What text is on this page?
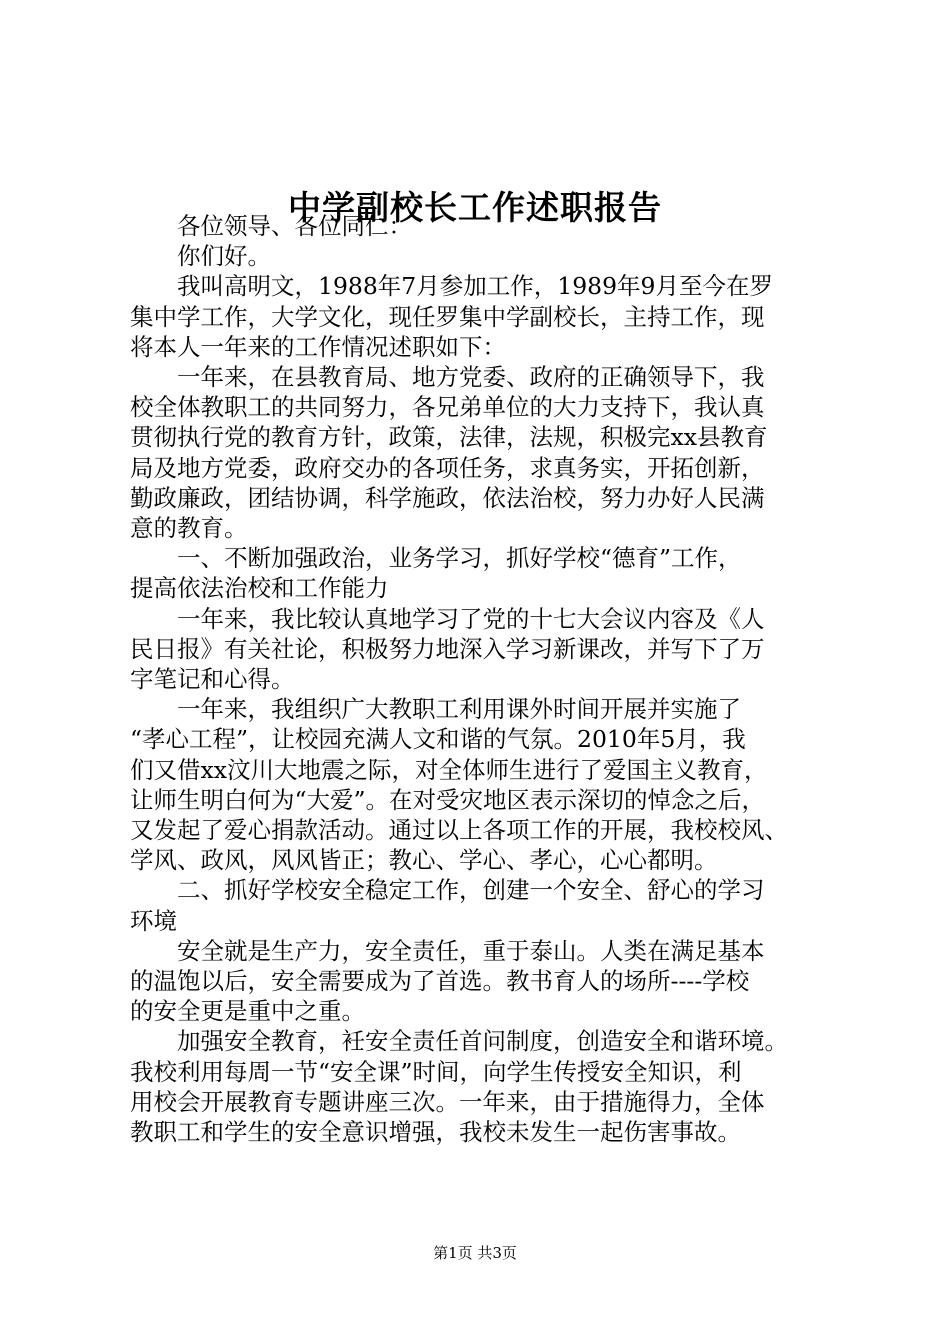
中学副校长工作述职报告

各位领导、各位同仁：

你们好。

我叫高明文，1988年7月参加工作，1989年9月至今在罗
集中学工作，大学文化，现任罗集中学副校长，主持工作，现
将本人一年来的工作情况述职如下：

一年来，在县教育局、地方党委、政府的正确领导下，我
校全体教职工的共同努力，各兄弟单位的大力支持下，我认真
贯彻执行党的教育方针，政策，法律，法规，积极完xx县教育
局及地方党委，政府交办的各项任务，求真务实，开拓创新，
勤政廉政，团结协调，科学施政，依法治校，努力办好人民满
意的教育。

一、不断加强政治，业务学习，抓好学校“德育”工作，
提高依法治校和工作能力

一年来，我比较认真地学习了党的十七大会议内容及《人
民日报》有关社论，积极努力地深入学习新课改，并写下了万
字笔记和心得。

一年来，我组织广大教职工利用课外时间开展并实施了
“孝心工程”，让校园充满人文和谐的气氛。2010年5月，我
们又借xx汶川大地震之际，对全体师生进行了爱国主义教育，
让师生明白何为“大爱”。在对受灾地区表示深切的悼念之后，
又发起了爱心捐款活动。通过以上各项工作的开展，我校校风、
学风、政风，风风皆正；教心、学心、孝心，心心都明。

二、抓好学校安全稳定工作，创建一个安全、舒心的学习
环境

安全就是生产力，安全责任，重于泰山。人类在满足基本
的温饱以后，安全需要成为了首选。教书育人的场所----学校
的安全更是重中之重。

加强安全教育，衽安全责任首问制度，创造安全和谐环境。
我校利用每周一节“安全课”时间，向学生传授安全知识，利
用校会开展教育专题讲座三次。一年来，由于措施得力，全体
教职工和学生的安全意识增强，我校未发生一起伤害事故。

第1页 共3页
